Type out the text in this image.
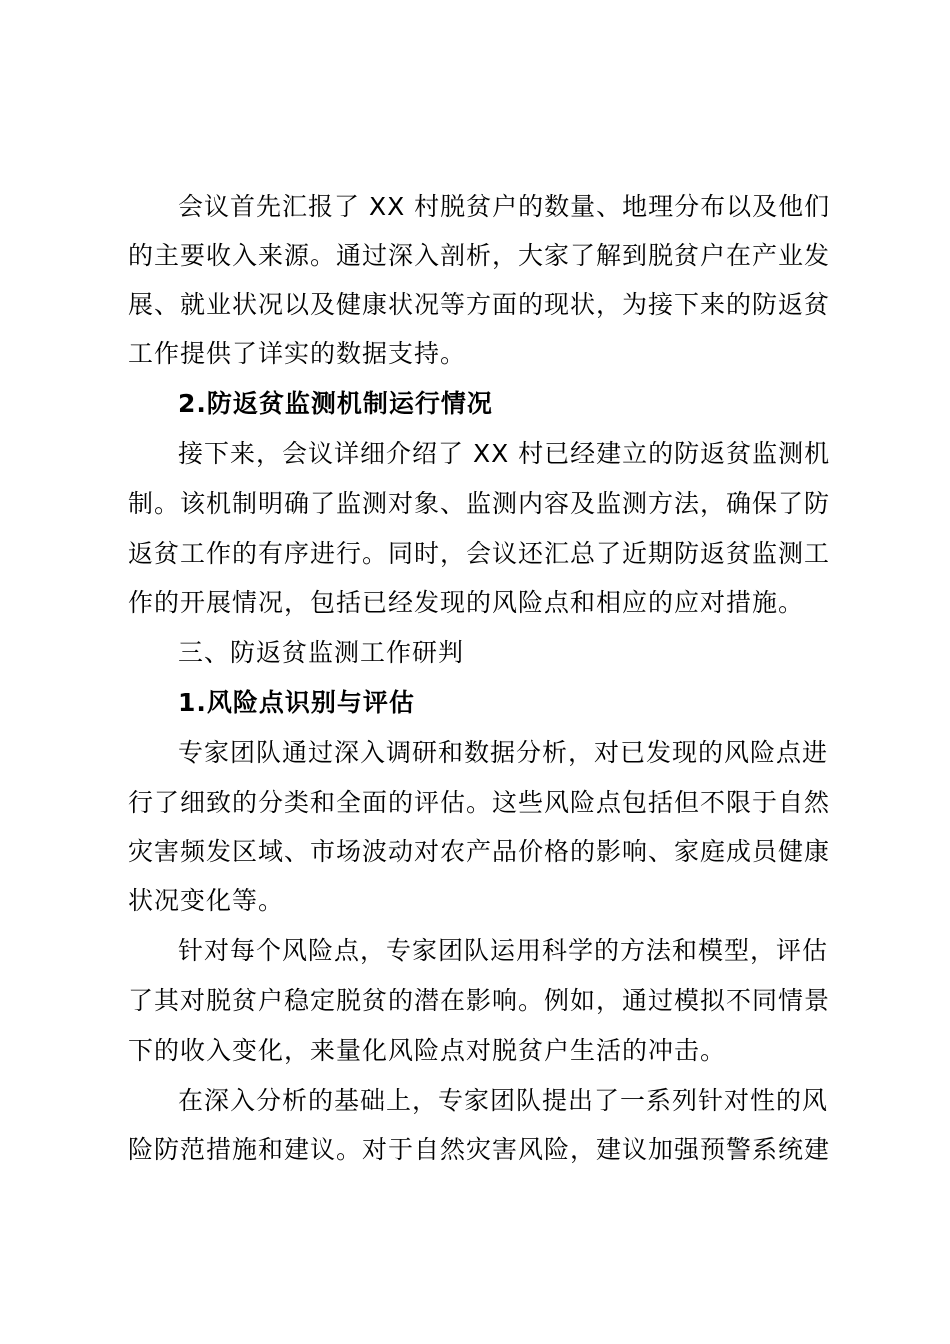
会议首先汇报了 XX 村脱贫户的数量、地理分布以及他们
的主要收入来源。通过深入剖析，大家了解到脱贫户在产业发
展、就业状况以及健康状况等方面的现状，为接下来的防返贫
工作提供了详实的数据支持。
2.防返贫监测机制运行情况
接下来，会议详细介绍了 XX 村已经建立的防返贫监测机
制。该机制明确了监测对象、监测内容及监测方法，确保了防
返贫工作的有序进行。同时，会议还汇总了近期防返贫监测工
作的开展情况，包括已经发现的风险点和相应的应对措施。
三、防返贫监测工作研判
1.风险点识别与评估
专家团队通过深入调研和数据分析，对已发现的风险点进
行了细致的分类和全面的评估。这些风险点包括但不限于自然
灾害频发区域、市场波动对农产品价格的影响、家庭成员健康
状况变化等。
针对每个风险点，专家团队运用科学的方法和模型，评估
了其对脱贫户稳定脱贫的潜在影响。例如，通过模拟不同情景
下的收入变化，来量化风险点对脱贫户生活的冲击。
在深入分析的基础上，专家团队提出了一系列针对性的风
险防范措施和建议。对于自然灾害风险，建议加强预警系统建
